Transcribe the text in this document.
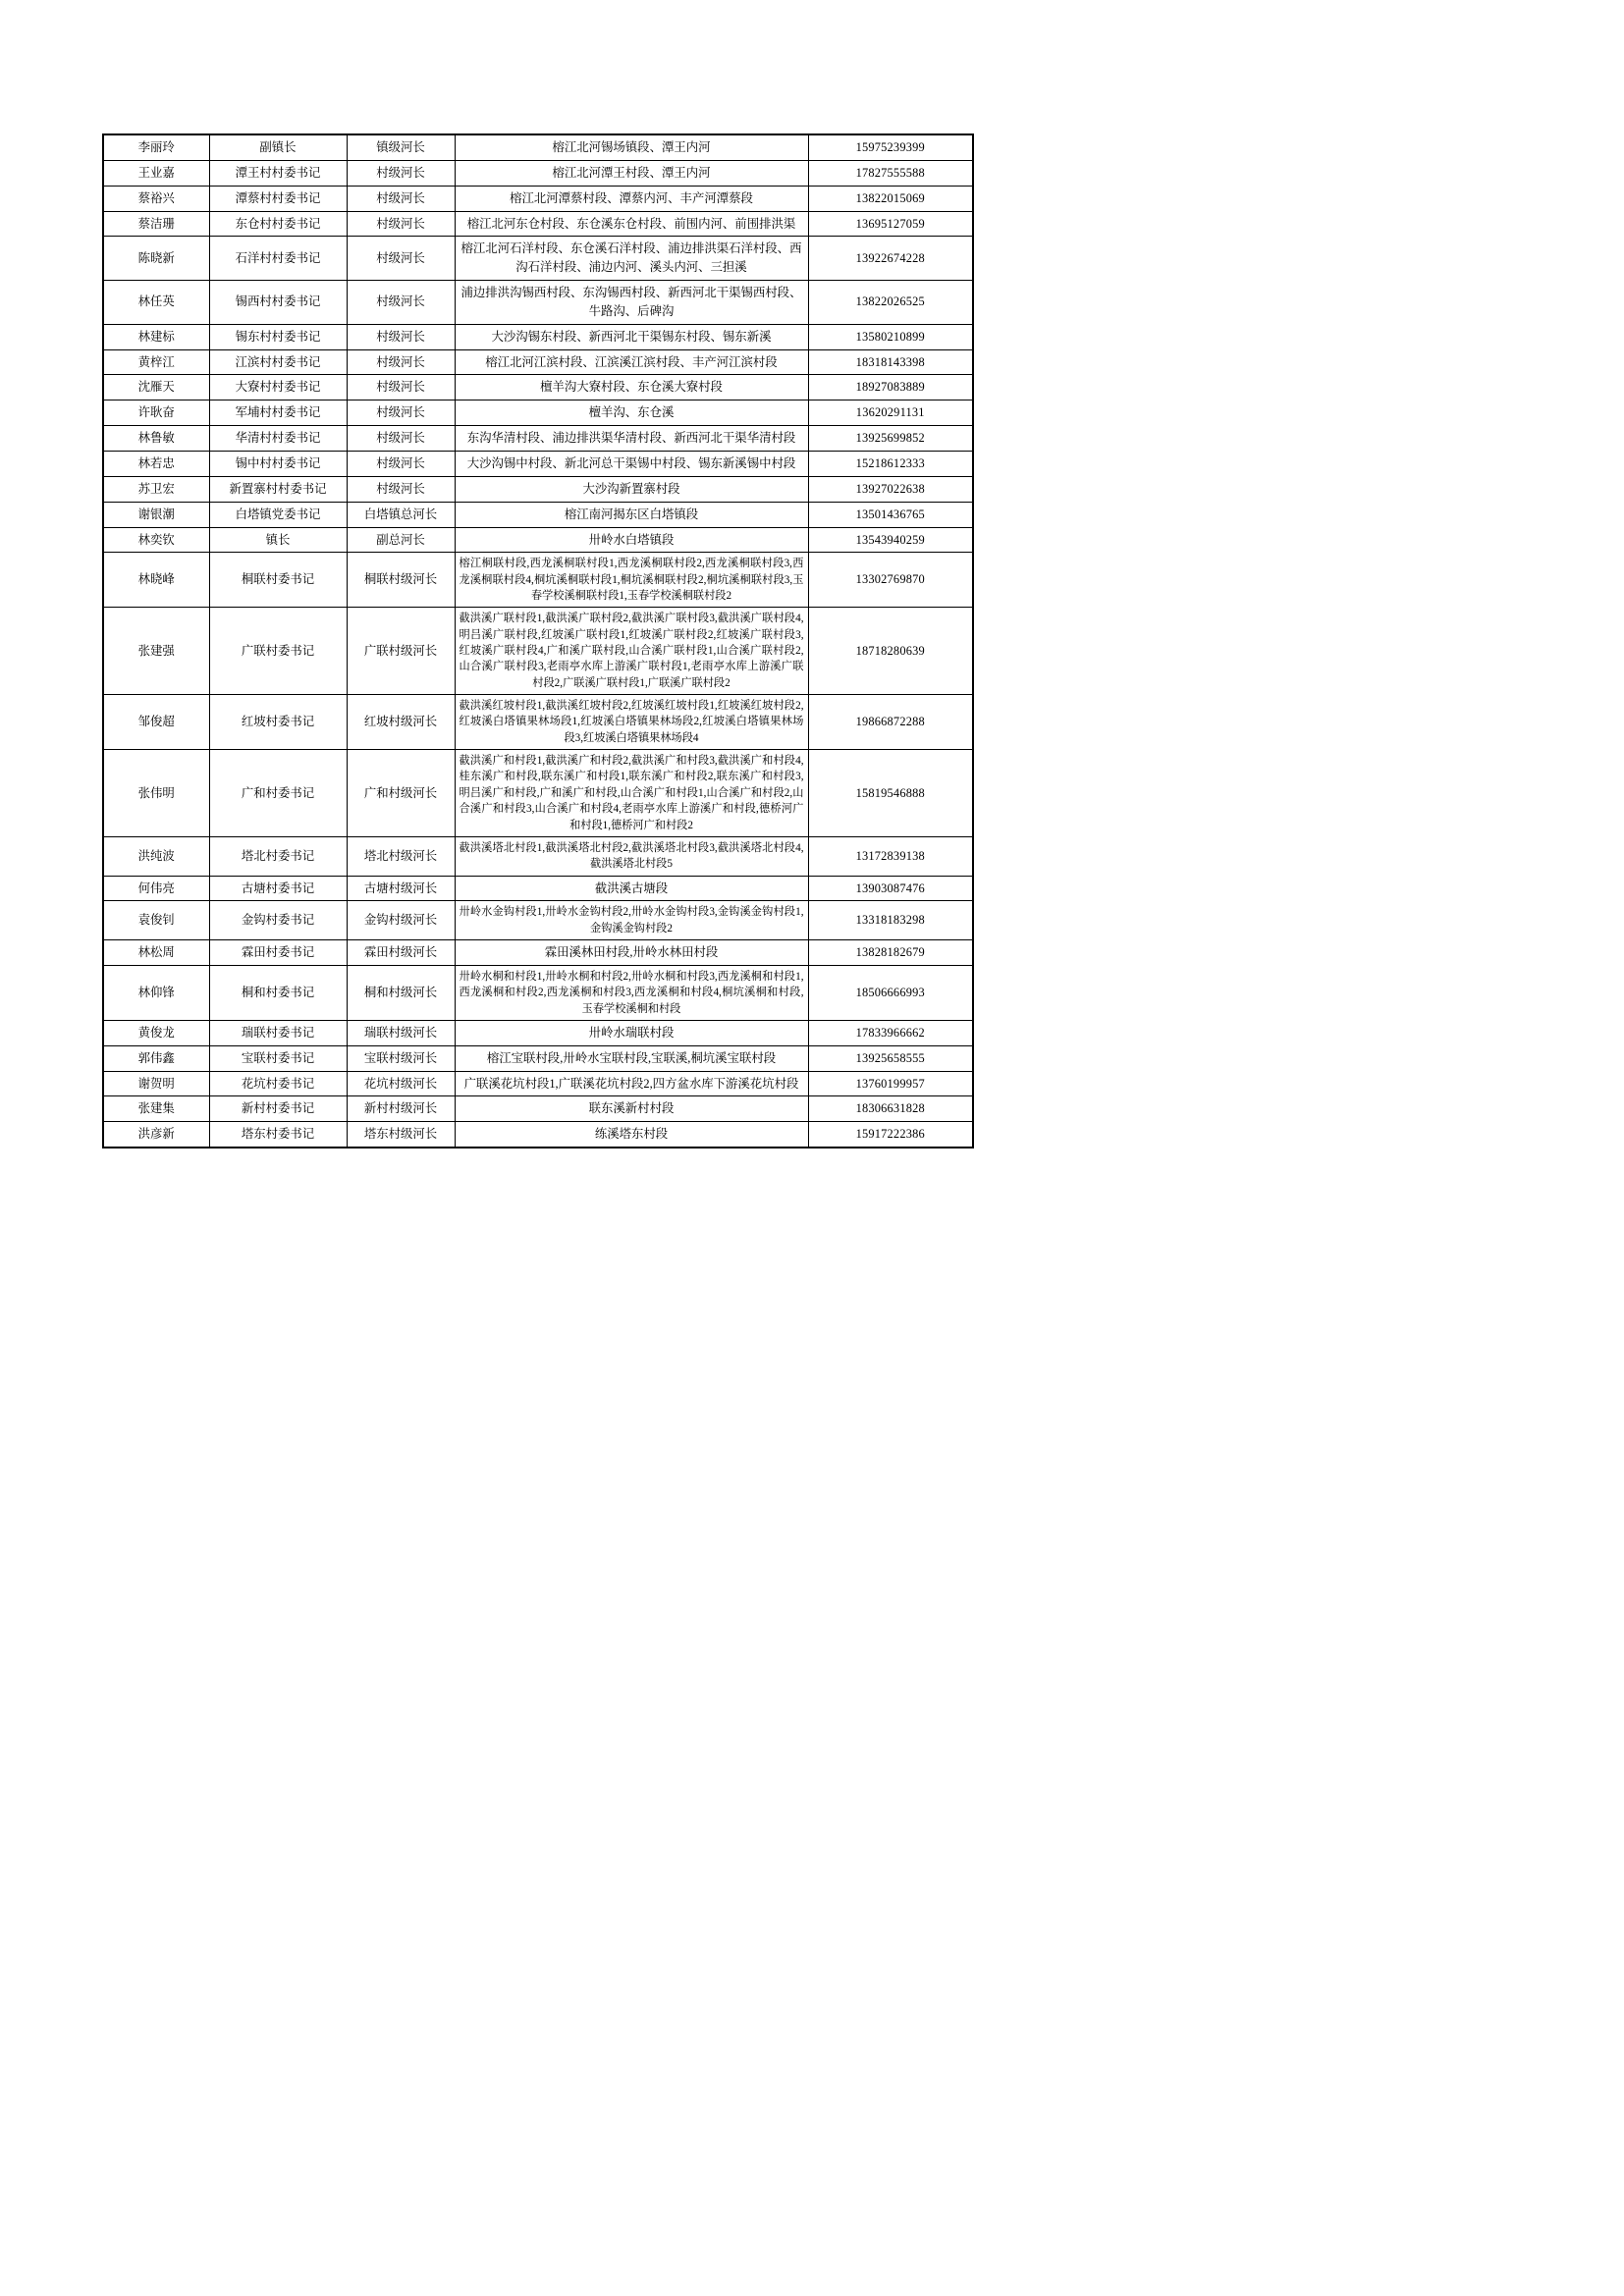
李丽玲	副镇长	镇级河长	榕江北河锡场镇段、潭王内河	15975239399
王业嘉	潭王村村委书记	村级河长	榕江北河潭王村段、潭王内河	17827555588
蔡裕兴	潭蔡村村委书记	村级河长	榕江北河潭蔡村段、潭蔡内河、丰产河潭蔡段	13822015069
蔡洁珊	东仓村村委书记	村级河长	榕江北河东仓村段、东仓溪东仓村段、前围内河、前围排洪渠	13695127059
陈晓新	石洋村村委书记	村级河长	榕江北河石洋村段、东仓溪石洋村段、浦边排洪渠石洋村段、西沟石洋村段、浦边内河、溪头内河、三担溪	13922674228
林任英	锡西村村委书记	村级河长	浦边排洪沟锡西村段、东沟锡西村段、新西河北干渠锡西村段、牛路沟、后碑沟	13822026525
林建标	锡东村村委书记	村级河长	大沙沟锡东村段、新西河北干渠锡东村段、锡东新溪	13580210899
黄梓江	江滨村村委书记	村级河长	榕江北河江滨村段、江滨溪江滨村段、丰产河江滨村段	18318143398
沈雁天	大寮村村委书记	村级河长	檀羊沟大寮村段、东仓溪大寮村段	18927083889
许耿奋	军埔村村委书记	村级河长	檀羊沟、东仓溪	13620291131
林鲁敏	华清村村委书记	村级河长	东沟华清村段、浦边排洪渠华清村段、新西河北干渠华清村段	13925699852
林若忠	锡中村村委书记	村级河长	大沙沟锡中村段、新北河总干渠锡中村段、锡东新溪锡中村段	15218612333
苏卫宏	新置寨村村委书记	村级河长	大沙沟新置寨村段	13927022638
谢银潮	白塔镇党委书记	白塔镇总河长	榕江南河揭东区白塔镇段	13501436765
林奕钦	镇长	副总河长	卅岭水白塔镇段	13543940259
林晓峰	桐联村委书记	桐联村级河长	榕江桐联村段,西龙溪桐联村段1,西龙溪桐联村段2,西龙溪桐联村段3,西龙溪桐联村段4,桐坑溪桐联村段1,桐坑溪桐联村段2,桐坑溪桐联村段3,玉春学校溪桐联村段1,玉春学校溪桐联村段2	13302769870
张建强	广联村委书记	广联村级河长	截洪溪广联村段1,截洪溪广联村段2,截洪溪广联村段3,截洪溪广联村段4,明吕溪广联村段,红坡溪广联村段1,红坡溪广联村段2,红坡溪广联村段3,红坡溪广联村段4,广和溪广联村段,山合溪广联村段1,山合溪广联村段2,山合溪广联村段3,老雨亭水库上游溪广联村段1,老雨亭水库上游溪广联村段2,广联溪广联村段1,广联溪广联村段2	18718280639
邹俊超	红坡村委书记	红坡村级河长	截洪溪红坡村段1,截洪溪红坡村段2,红坡溪红坡村段1,红坡溪红坡村段2,红坡溪白塔镇果林场段1,红坡溪白塔镇果林场段2,红坡溪白塔镇果林场段3,红坡溪白塔镇果林场段4	19866872288
张伟明	广和村委书记	广和村级河长	截洪溪广和村段1,截洪溪广和村段2,截洪溪广和村段3,截洪溪广和村段4,桂东溪广和村段,联东溪广和村段1,联东溪广和村段2,联东溪广和村段3,明吕溪广和村段,广和溪广和村段,山合溪广和村段1,山合溪广和村段2,山合溪广和村段3,山合溪广和村段4,老雨亭水库上游溪广和村段,德桥河广和村段1,德桥河广和村段2	15819546888
洪纯波	塔北村委书记	塔北村级河长	截洪溪塔北村段1,截洪溪塔北村段2,截洪溪塔北村段3,截洪溪塔北村段4,截洪溪塔北村段5	13172839138
何伟亮	古塘村委书记	古塘村级河长	截洪溪古塘段	13903087476
袁俊钊	金钩村委书记	金钩村级河长	卅岭水金钩村段1,卅岭水金钩村段2,卅岭水金钩村段3,金钩溪金钩村段1,金钩溪金钩村段2	13318183298
林松周	霖田村委书记	霖田村级河长	霖田溪林田村段,卅岭水林田村段	13828182679
林仰锋	桐和村委书记	桐和村级河长	卅岭水桐和村段1,卅岭水桐和村段2,卅岭水桐和村段3,西龙溪桐和村段1,西龙溪桐和村段2,西龙溪桐和村段3,西龙溪桐和村段4,桐坑溪桐和村段,玉春学校溪桐和村段	18506666993
黄俊龙	瑞联村委书记	瑞联村级河长	卅岭水瑞联村段	17833966662
郭伟鑫	宝联村委书记	宝联村级河长	榕江宝联村段,卅岭水宝联村段,宝联溪,桐坑溪宝联村段	13925658555
谢贺明	花坑村委书记	花坑村级河长	广联溪花坑村段1,广联溪花坑村段2,四方盆水库下游溪花坑村段	13760199957
张建集	新村村委书记	新村村级河长	联东溪新村村段	18306631828
洪彦新	塔东村委书记	塔东村级河长	练溪塔东村段	15917222386
